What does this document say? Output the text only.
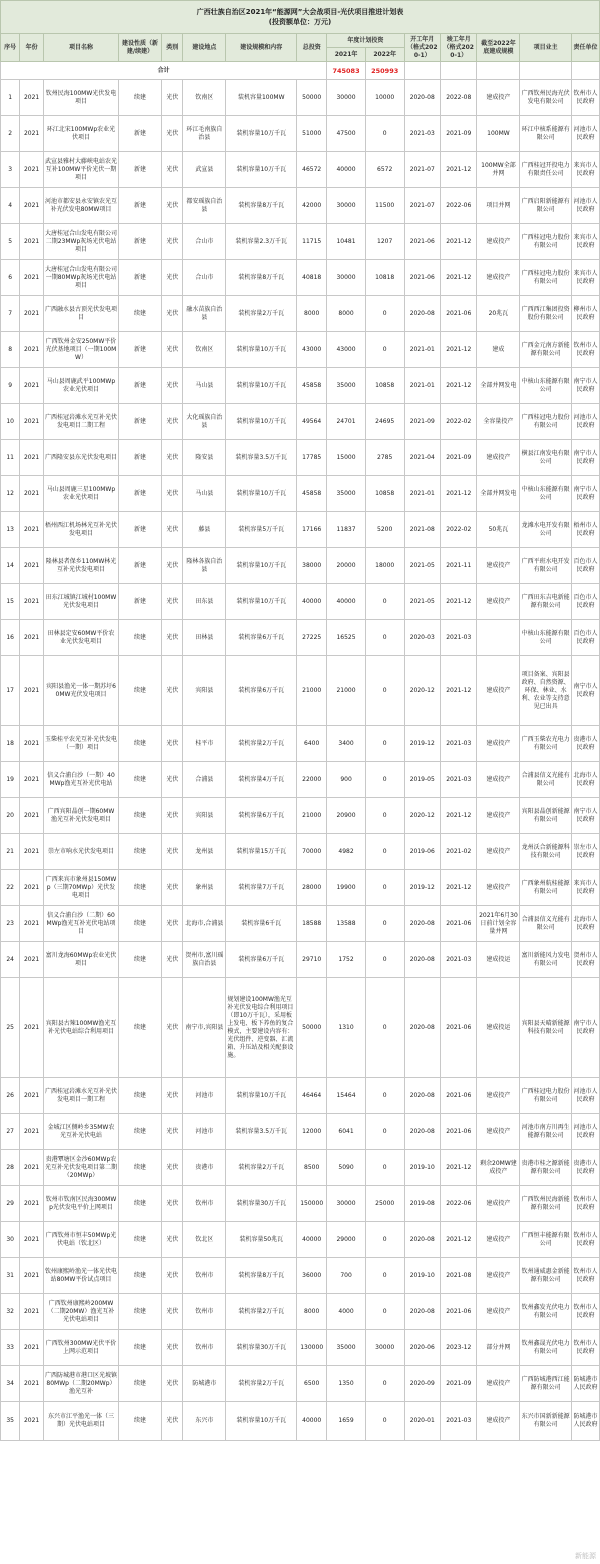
广西壮族自治区2021年“能源网”大会战项目-光伏项目推进计划表
(投资额单位：万元)														

序号	年份	项目名称	建设性质（新建/续建）	类别	建设地点	建设规模和内容	总投资	年度计划投资		开工年月（格式2020-1）	竣工年月（格式2020-1）	截至2022年底建成规模	项目业主	责任单位
								2021年	2022年					
合计								745083	250993					
1	2021	钦州民海100MW光伏发电项目	续建	光伏	钦南区	装机容量100MW	50000	30000	10000	2020-08	2022-08	建成投产	广西钦州民海光伏发电有限公司	钦州市人民政府
2	2021	环江北宋100MWp农业光伏项目	新建	光伏	环江毛南族自治县	装机容量10万千瓦	51000	47500	0	2021-03	2021-09	100MW	环江中核系能源有限公司	河池市人民政府
3	2021	武宣县雅村大藤峡电站农光互补100MW平价光伏一期项目	新建	光伏	武宣县	装机容量10万千瓦	46572	40000	6572	2021-07	2021-12	100MW全部并网	广西桂冠开投电力有限责任公司	来宾市人民政府
4	2021	河池市都安县永安镇农光互补光伏发电80MW项目	新建	光伏	都安瑶族自治县	装机容量8万千瓦	42000	30000	11500	2021-07	2022-06	项目并网	广西启阳新能源有限公司	河池市人民政府
5	2021	大唐桂冠合山发电有限公司二期23MWp灰场光伏电站项目	新建	光伏	合山市	装机容量2.3万千瓦	11715	10481	1207	2021-06	2021-12	建成投产	广西桂冠电力股份有限公司	来宾市人民政府
6	2021	大唐桂冠合山发电有限公司一期80MWp灰场光伏电站项目	新建	光伏	合山市	装机容量8万千瓦	40818	30000	10818	2021-06	2021-12	建成投产	广西桂冠电力股份有限公司	来宾市人民政府
7	2021	广西融水县古顶光伏发电项目	续建	光伏	融水苗族自治县	装机容量2万千瓦	8000	8000	0	2020-08	2021-06	20兆瓦	广西西江集团投资股份有限公司	柳州市人民政府
8	2021	广西钦州金安250MW平价光伏基地项目（一期100MW）	新建	光伏	钦南区	装机容量10万千瓦	43000	43000	0	2021-01	2021-12	建成	广西金元南方新能源有限公司	钦州市人民政府
9	2021	马山县周鹿武平100MWp农业光伏项目	新建	光伏	马山县	装机容量10万千瓦	45858	35000	10858	2021-01	2021-12	全部并网发电	中核山东能源有限公司	南宁市人民政府
10	2021	广西桂冠岩滩水光互补光伏发电项目二期工程	新建	光伏	大化瑶族自治县	装机容量10万千瓦	49564	24701	24695	2021-09	2022-02	全容量投产	广西桂冠电力股份有限公司	河池市人民政府
11	2021	广西隆安县东光伏发电项目	新建	光伏	隆安县	装机容量3.5万千瓦	17785	15000	2785	2021-04	2021-09	建成投产	横县江南发电有限公司	南宁市人民政府
12	2021	马山县周鹿三星100MWp农业光伏项目	新建	光伏	马山县	装机容量10万千瓦	45858	35000	10858	2021-01	2021-12	全部并网发电	中核山东能源有限公司	南宁市人民政府
13	2021	梧州西江机场林光互补光伏发电项目	新建	光伏	藤县	装机容量5万千瓦	17166	11837	5200	2021-08	2022-02	50兆瓦	龙滩水电开发有限公司	梧州市人民政府
14	2021	隆林县者保乡110MW林光互补光伏发电项目	新建	光伏	隆林各族自治县	装机容量10万千瓦	38000	20000	18000	2021-05	2021-11	建成投产	广西平班水电开发有限公司	百色市人民政府
15	2021	田东江城镇江城村100MW光伏发电项目	新建	光伏	田东县	装机容量10万千瓦	40000	40000	0	2021-05	2021-12	建成投产	广西田东吉电新能源有限公司	百色市人民政府
16	2021	田林县定安60MW平价农业光伏发电项目	续建	光伏	田林县	装机容量6万千瓦	27225	16525	0	2020-03	2021-03		中核山东能源有限公司	百色市人民政府
17	2021	宾阳县渔光一体一期苏圩60MW光伏发电项目	续建	光伏	宾阳县	装机容量6万千瓦	21000	21000	0	2020-12	2021-12	建成投产	项目备案、宾阳县政府、自然资源、环保、林业、水利、农业等支持意见已出具	南宁市人民政府
18	2021	玉柴桂平农光互补光伏发电（一期）项目	续建	光伏	桂平市	装机容量2万千瓦	6400	3400	0	2019-12	2021-03	建成投产	广西玉柴农光电力有限公司	贵港市人民政府
19	2021	信义合浦白沙（一期）40MWp渔光互补光伏电站	续建	光伏	合浦县	装机容量4万千瓦	22000	900	0	2019-05	2021-03	建成投产	合浦县信义光能有限公司	北海市人民政府
20	2021	广西宾阳晶创一期60MW渔光互补光伏发电项目	续建	光伏	宾阳县	装机容量6万千瓦	21000	20900	0	2020-12	2021-12	建成投产	宾阳县晶创新能源有限公司	南宁市人民政府
21	2021	崇左市响水光伏发电项目	续建	光伏	龙州县	装机容量15万千瓦	70000	4982	0	2019-06	2021-02	建成投产	龙州沃合新能源科技有限公司	崇左市人民政府
22	2021	广西来宾市象州县150MWp（三期70MWp）光伏发电项目	续建	光伏	象州县	装机容量7万千瓦	28000	19900	0	2019-12	2021-12	建成投产	广西象州航桂能源有限公司	来宾市人民政府
23	2021	信义合浦白沙（二期）60MWp渔光互补光伏电站项目	续建	光伏	北海市,合浦县	装机容量6千瓦	18588	13588	0	2020-08	2021-06	2021年6月30日前计划全容量并网	合浦县信义光能有限公司	北海市人民政府
24	2021	富川龙海60MWp农业光伏项目	续建	光伏	贺州市,富川瑶族自治县	装机容量6万千瓦	29710	1752	0	2020-08	2021-03	建成投运	富川新能风力发电有限公司	贺州市人民政府
25	2021	宾阳县古辣100MW渔光互补光伏电站综合利用项目	续建	光伏	南宁市,宾阳县	规划建设100MW渔光互补光伏发电综合利用项目（即10万千瓦），采用板上发电、板下养鱼的复合模式，主要建设内容有：光伏组件、逆变器、汇流箱、升压站及相关配套设施。	50000	1310	0	2020-08	2021-06	建成投运	宾阳县天晴新能源科技有限公司	南宁市人民政府
26	2021	广西桂冠岩滩水光互补光伏发电项目一期工程	续建	光伏	河池市	装机容量10万千瓦	46464	15464	0	2020-08	2021-06	建成投产	广西桂冠电力股份有限公司	河池市人民政府
27	2021	金城江区侧岭乡35MW农光互补光伏电站	续建	光伏	河池市	装机容量3.5万千瓦	12000	6041	0	2020-08	2021-06	建成投产	河池市南方川再生能源有限公司	河池市人民政府
28	2021	贵港覃塘区金沙60MWp农光互补光伏发电项目第二期（20MWp）	续建	光伏	贵港市	装机容量2万千瓦	8500	5090	0	2019-10	2021-12	剩余20MW建成投产	贵港市桂之源新能源有限公司	贵港市人民政府
29	2021	钦州市钦南区民海300MWp光伏发电平价上网项目	续建	光伏	钦州市	装机容量30万千瓦	150000	30000	25000	2019-08	2022-06	建成投产	广西钦州民海新能源有限公司	钦州市人民政府
30	2021	广西钦州市恒丰50MWp光伏电站（钦北区）	续建	光伏	钦北区	装机容量50兆瓦	40000	29000	0	2020-08	2021-12	建成投产	广西恒丰能源有限公司	钦州市人民政府
31	2021	钦州康熙岭渔光一体光伏电站80MW平价试点项目	续建	光伏	钦州市	装机容量8万千瓦	36000	700	0	2019-10	2021-08	建成投产	钦州通威惠金新能源有限公司	钦州市人民政府
32	2021	广西钦州康熙岭200MW（二期20MW）渔光互补光伏电站项目	续建	光伏	钦州市	装机容量2万千瓦	8000	4000	0	2020-08	2021-06	建成投产	钦州鑫发光伏电力有限公司	钦州市人民政府
33	2021	广西钦州300MW光伏平价上网示范项目	续建	光伏	钦州市	装机容量30万千瓦	130000	35000	30000	2020-06	2023-12	部分并网	钦州鑫晟光伏电力有限公司	钦州市人民政府
34	2021	广西防城港市港口区光坡镇80MWp（二期20MWp）渔光互补	续建	光伏	防城港市	装机容量2万千瓦	6500	1350	0	2020-09	2021-09	建成投产	广西防城港西江能源有限公司	防城港市人民政府
35	2021	东兴市江平渔光一体（三期）光伏电站项目	续建	光伏	东兴市	装机容量10万千瓦	40000	1659	0	2020-01	2021-03	建成投产	东兴市国新新能源有限公司	防城港市人民政府
新能源
